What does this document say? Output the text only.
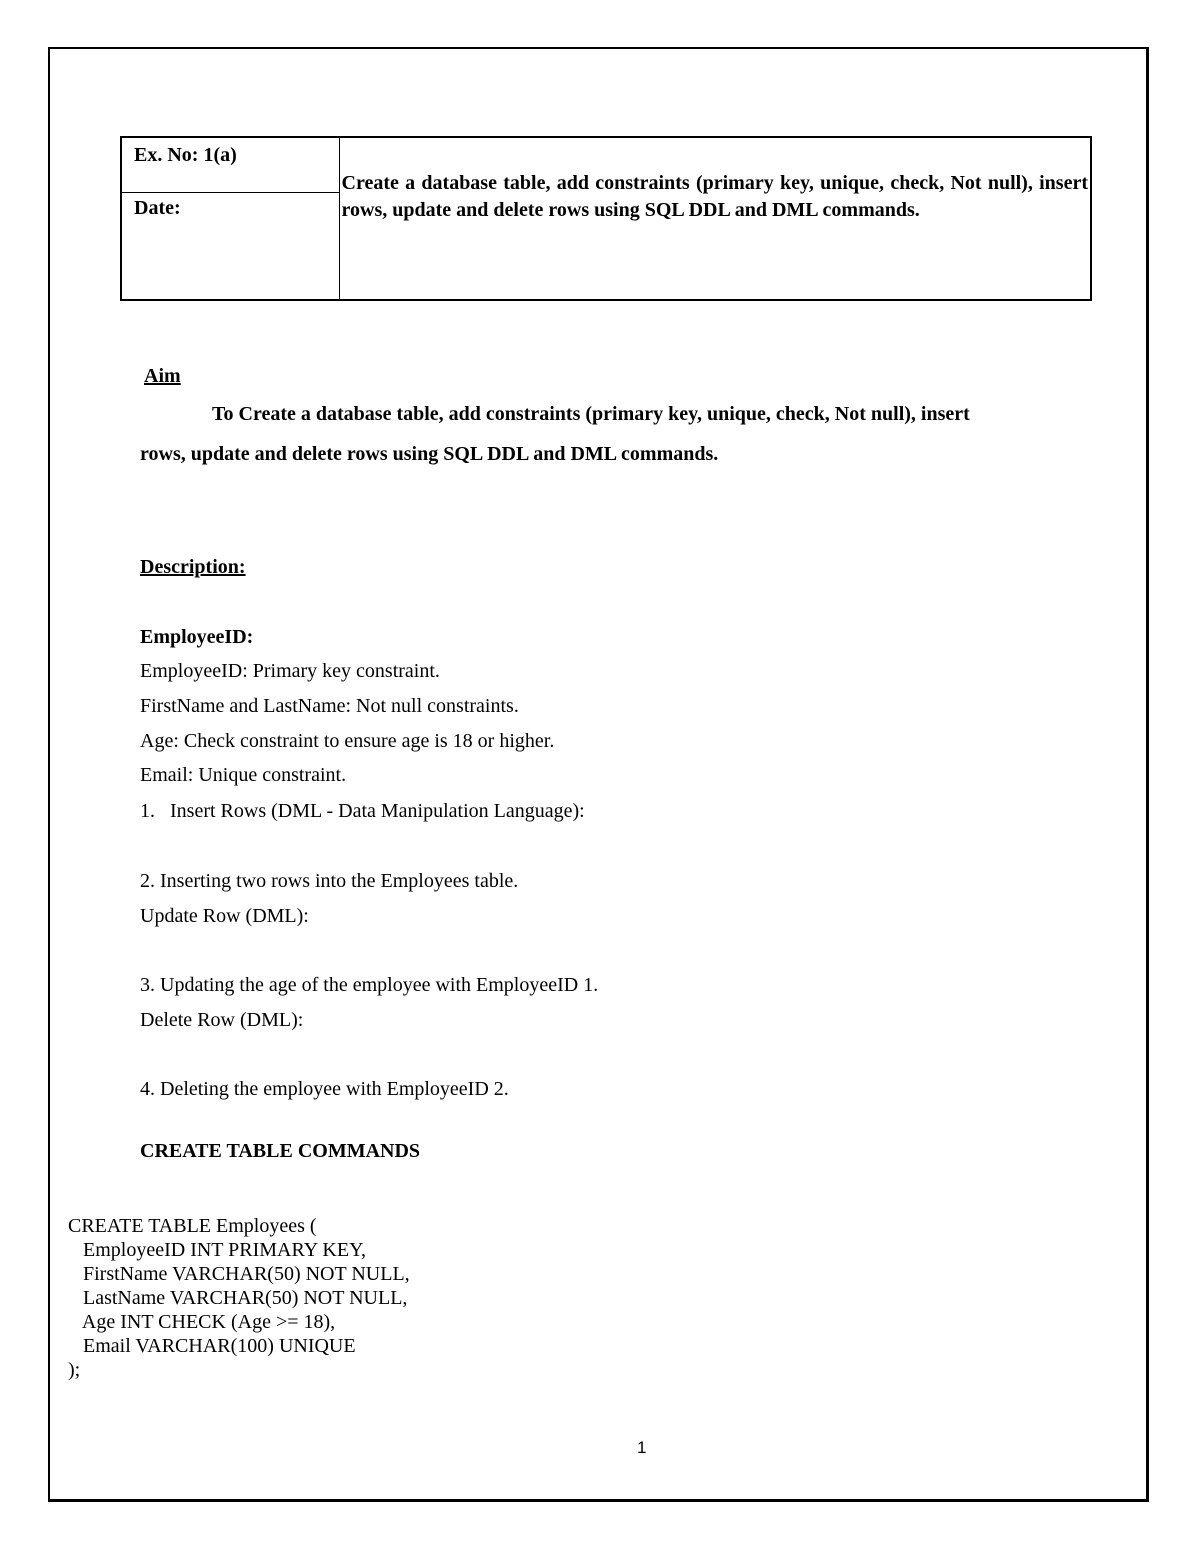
Ex. No: 1(a)	Create a database table, add constraints (primary key, unique, check, Not null), insert rows, update and delete rows using SQL DDL and DML commands.
Date:
Aim
To Create a database table, add constraints (primary key, unique, check, Not null), insert
rows, update and delete rows using SQL DDL and DML commands.
Description:
EmployeeID:
EmployeeID: Primary key constraint.
FirstName and LastName: Not null constraints.
Age: Check constraint to ensure age is 18 or higher.
Email: Unique constraint.
1.   Insert Rows (DML - Data Manipulation Language):
2. Inserting two rows into the Employees table.
Update Row (DML):
3. Updating the age of the employee with EmployeeID 1.
Delete Row (DML):
4. Deleting the employee with EmployeeID 2.
CREATE TABLE COMMANDS
CREATE TABLE Employees (
EmployeeID INT PRIMARY KEY,
FirstName VARCHAR(50) NOT NULL,
LastName VARCHAR(50) NOT NULL,
Age INT CHECK (Age >= 18),
Email VARCHAR(100) UNIQUE
);
1
